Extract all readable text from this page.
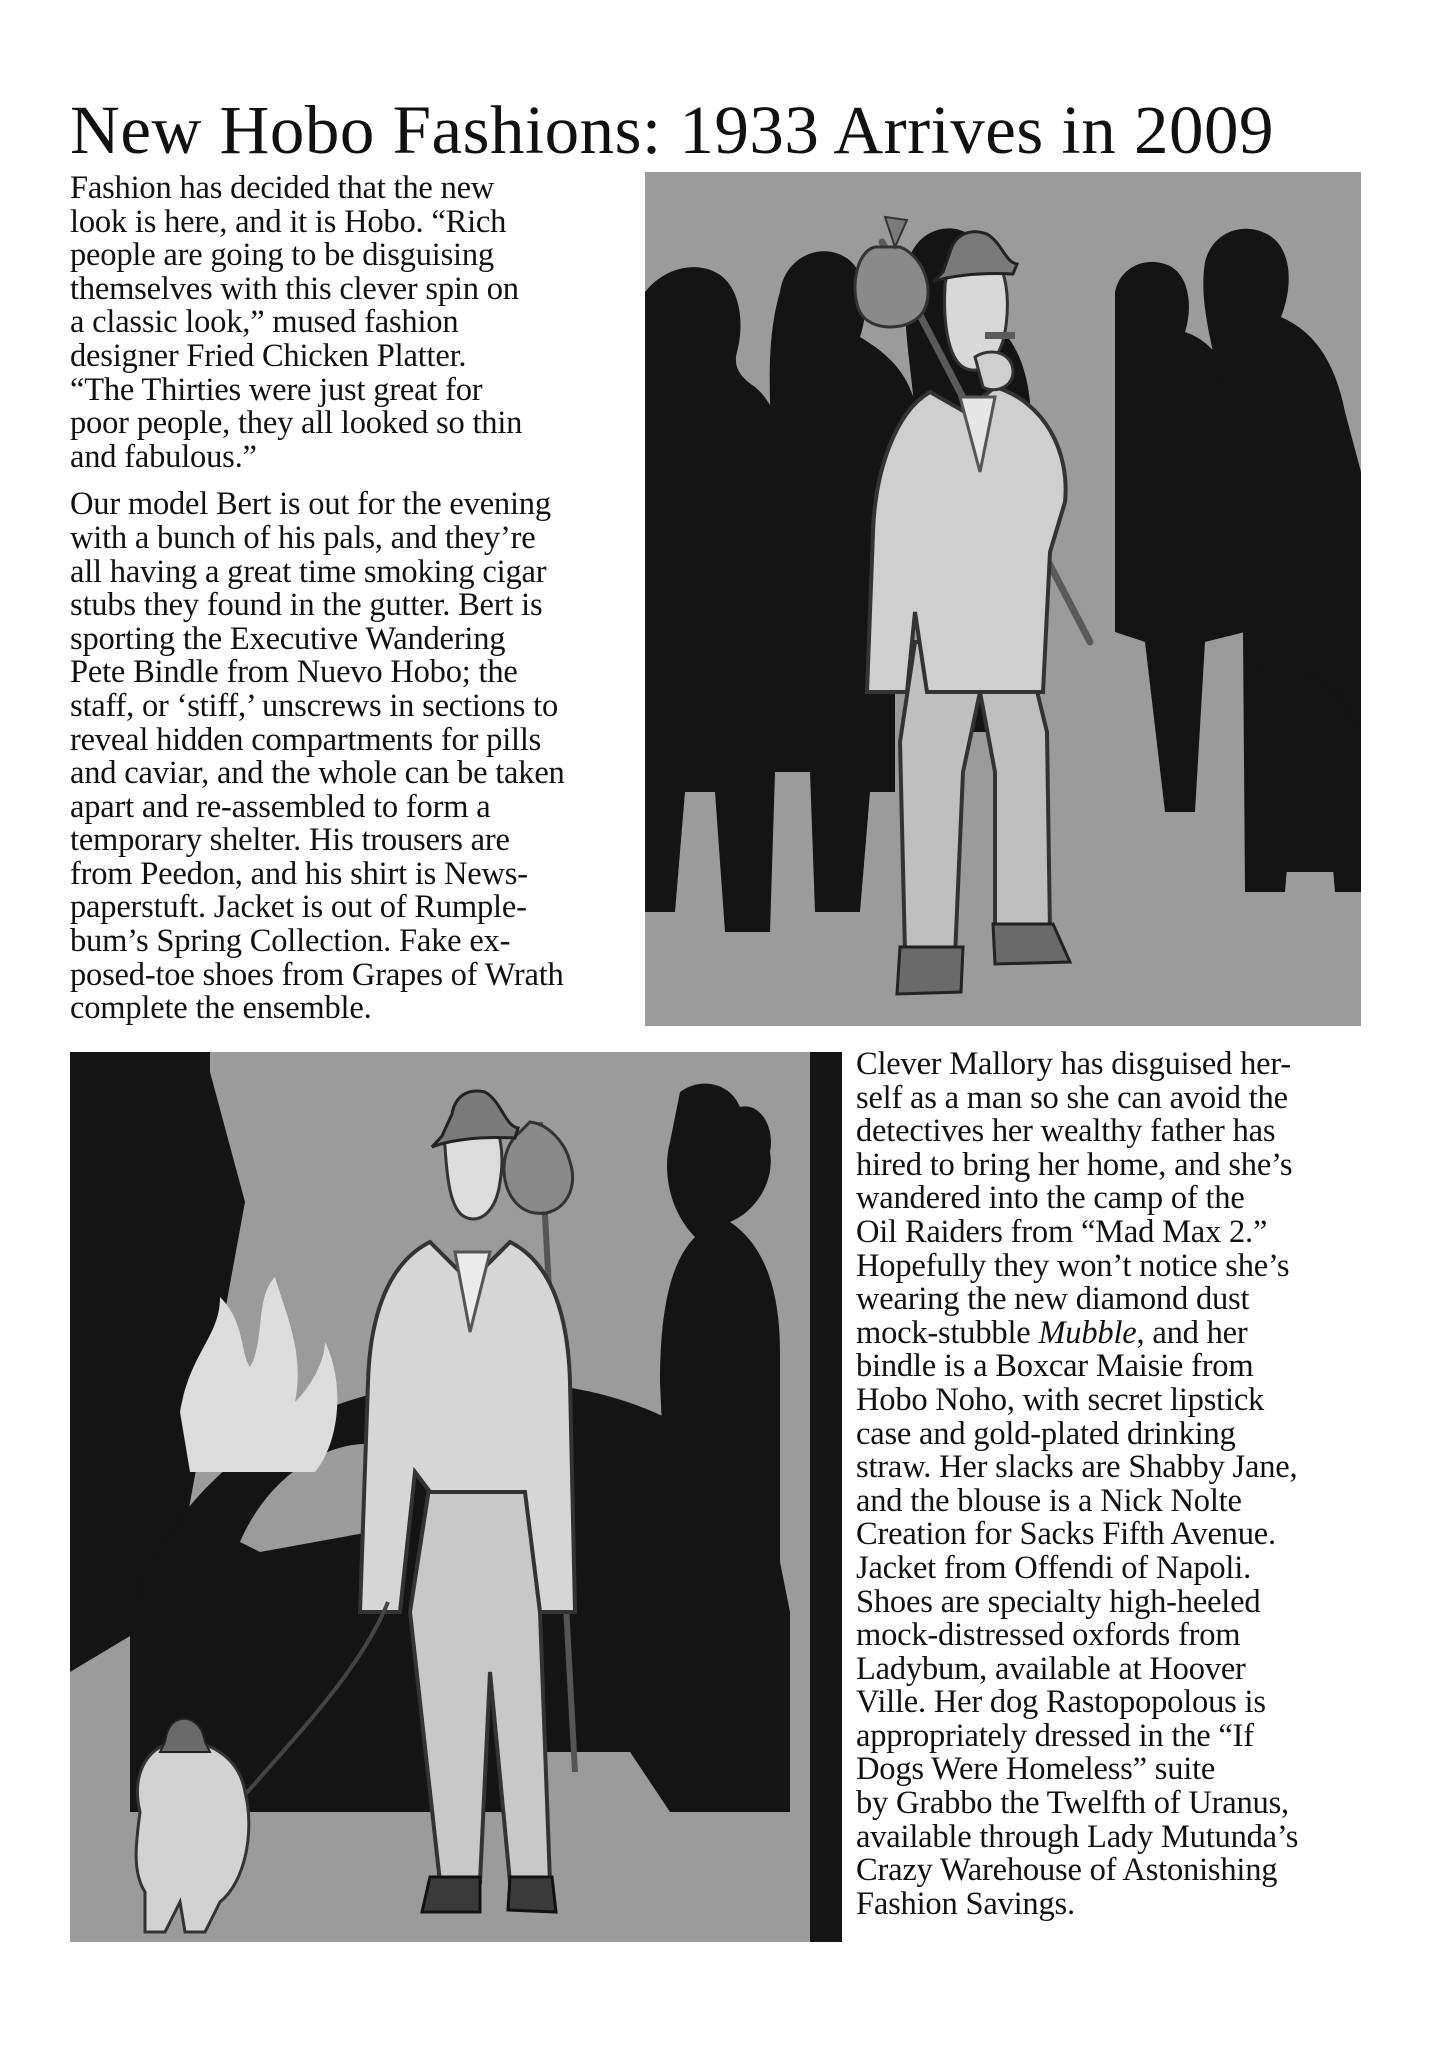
New Hobo Fashions: 1933 Arrives in 2009

Fashion has decided that the new
look is here, and it is Hobo. “Rich
people are going to be disguising
themselves with this clever spin on
a classic look,” mused fashion
designer Fried Chicken Platter.
“The Thirties were just great for
poor people, they all looked so thin
and fabulous.”

Our model Bert is out for the evening
with a bunch of his pals, and they’re
all having a great time smoking cigar
stubs they found in the gutter. Bert is
sporting the Executive Wandering
Pete Bindle from Nuevo Hobo; the
staff, or ‘stiff,’ unscrews in sections to
reveal hidden compartments for pills
and caviar, and the whole can be taken
apart and re-assembled to form a
temporary shelter. His trousers are
from Peedon, and his shirt is News-
paperstuft. Jacket is out of Rumple-
bum’s Spring Collection. Fake ex-
posed-toe shoes from Grapes of Wrath
complete the ensemble.

Clever Mallory has disguised her-
self as a man so she can avoid the
detectives her wealthy father has
hired to bring her home, and she’s
wandered into the camp of the
Oil Raiders from “Mad Max 2.”
Hopefully they won’t notice she’s
wearing the new diamond dust
mock-stubble Mubble, and her
bindle is a Boxcar Maisie from
Hobo Noho, with secret lipstick
case and gold-plated drinking
straw. Her slacks are Shabby Jane,
and the blouse is a Nick Nolte
Creation for Sacks Fifth Avenue.
Jacket from Offendi of Napoli.
Shoes are specialty high-heeled
mock-distressed oxfords from
Ladybum, available at Hoover
Ville. Her dog Rastopopolous is
appropriately dressed in the “If
Dogs Were Homeless” suite
by Grabbo the Twelfth of Uranus,
available through Lady Mutunda’s
Crazy Warehouse of Astonishing
Fashion Savings.
